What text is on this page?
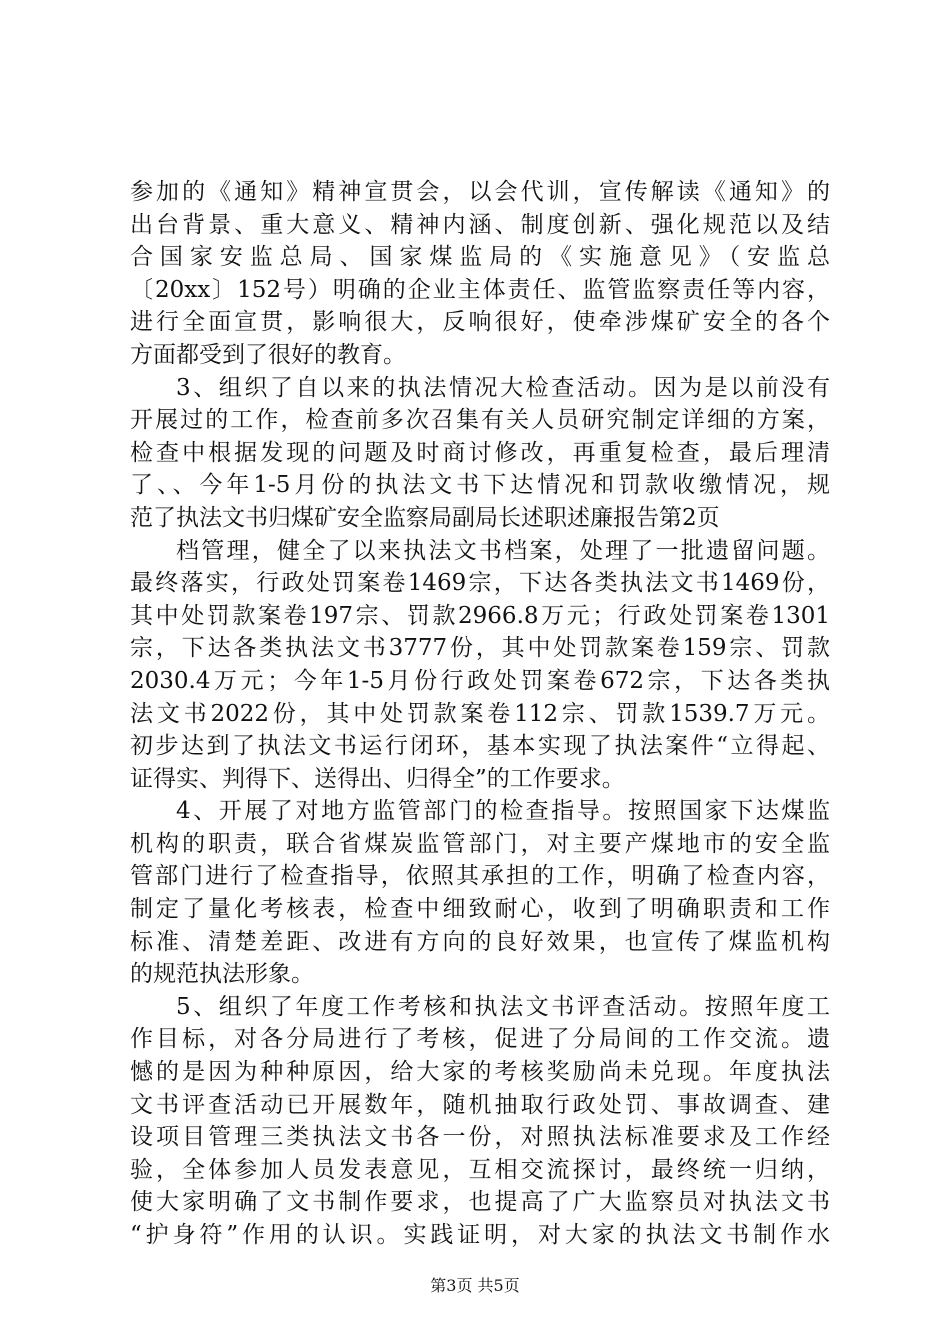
参加的《通知》精神宣贯会，以会代训，宣传解读《通知》的
出台背景、重大意义、精神内涵、制度创新、强化规范以及结
合国家安监总局、国家煤监局的《实施意见》（安监总
〔20xx〕152号）明确的企业主体责任、监管监察责任等内容，
进行全面宣贯，影响很大，反响很好，使牵涉煤矿安全的各个
方面都受到了很好的教育。
3、组织了自以来的执法情况大检查活动。因为是以前没有
开展过的工作，检查前多次召集有关人员研究制定详细的方案，
检查中根据发现的问题及时商讨修改，再重复检查，最后理清
了、、今年1-5月份的执法文书下达情况和罚款收缴情况，规
范了执法文书归煤矿安全监察局副局长述职述廉报告第2页
档管理，健全了以来执法文书档案，处理了一批遗留问题。
最终落实，行政处罚案卷1469宗，下达各类执法文书1469份，
其中处罚款案卷197宗、罚款2966.8万元；行政处罚案卷1301
宗，下达各类执法文书3777份，其中处罚款案卷159宗、罚款
2030.4万元；今年1-5月份行政处罚案卷672宗，下达各类执
法文书2022份，其中处罚款案卷112宗、罚款1539.7万元。
初步达到了执法文书运行闭环，基本实现了执法案件“立得起、
证得实、判得下、送得出、归得全”的工作要求。
4、开展了对地方监管部门的检查指导。按照国家下达煤监
机构的职责，联合省煤炭监管部门，对主要产煤地市的安全监
管部门进行了检查指导，依照其承担的工作，明确了检查内容，
制定了量化考核表，检查中细致耐心，收到了明确职责和工作
标准、清楚差距、改进有方向的良好效果，也宣传了煤监机构
的规范执法形象。
5、组织了年度工作考核和执法文书评查活动。按照年度工
作目标，对各分局进行了考核，促进了分局间的工作交流。遗
憾的是因为种种原因，给大家的考核奖励尚未兑现。年度执法
文书评查活动已开展数年，随机抽取行政处罚、事故调查、建
设项目管理三类执法文书各一份，对照执法标准要求及工作经
验，全体参加人员发表意见，互相交流探讨，最终统一归纳，
使大家明确了文书制作要求，也提高了广大监察员对执法文书
“护身符”作用的认识。实践证明，对大家的执法文书制作水
第3页 共5页
